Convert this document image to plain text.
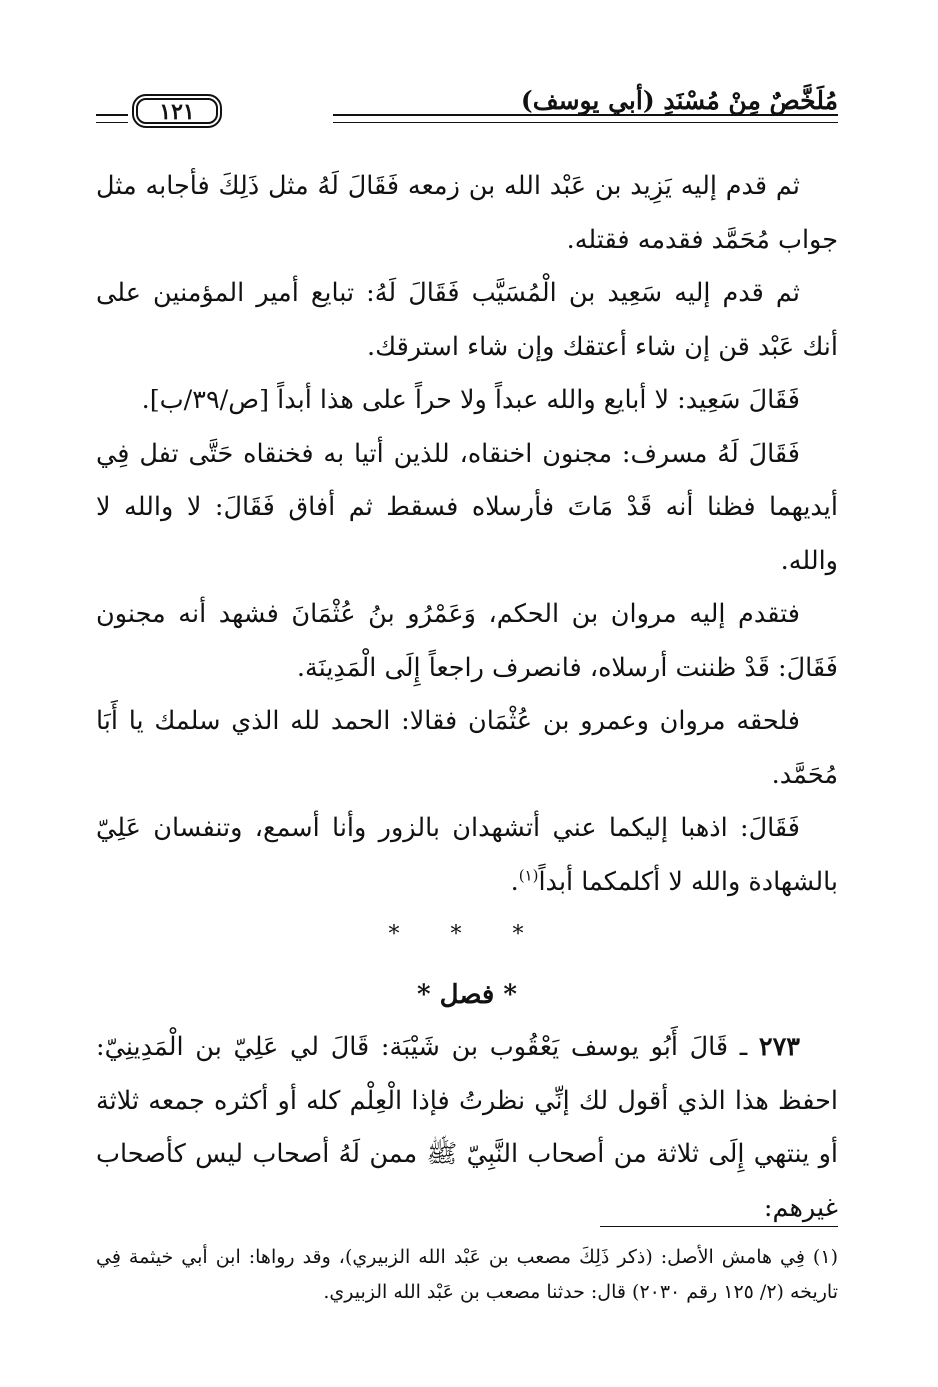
مُلَخَّصٌ مِنْ مُسْنَدِ (أبي يوسف)
١٢١

ثم قدم إليه يَزِيد بن عَبْد الله بن زمعه فَقَالَ لَهُ مثل ذَلِكَ فأجابه مثل جواب مُحَمَّد فقدمه فقتله.

ثم قدم إليه سَعِيد بن الْمُسَيَّب فَقَالَ لَهُ: تبايع أمير المؤمنين على أنك عَبْد قن إن شاء أعتقك وإن شاء استرقك.

فَقَالَ سَعِيد: لا أبايع والله عبداً ولا حراً على هذا أبداً [ص/٣٩/ب].

فَقَالَ لَهُ مسرف: مجنون اخنقاه، للذين أتيا به فخنقاه حَتَّى تفل فِي أيديهما فظنا أنه قَدْ مَاتَ فأرسلاه فسقط ثم أفاق فَقَالَ: لا والله لا والله.

فتقدم إليه مروان بن الحكم، وَعَمْرُو بنُ عُثْمَانَ فشهد أنه مجنون فَقَالَ: قَدْ ظننت أرسلاه، فانصرف راجعاً إِلَى الْمَدِينَة.

فلحقه مروان وعمرو بن عُثْمَان فقالا: الحمد لله الذي سلمك يا أَبَا مُحَمَّد.

فَقَالَ: اذهبا إليكما عني أتشهدان بالزور وأنا أسمع، وتنفسان عَلِيّ بالشهادة والله لا أكلمكما أبداً$^{(١)}$.

* * *
* فصل *

٢٧٣ ـ قَالَ أَبُو يوسف يَعْقُوب بن شَيْبَة: قَالَ لي عَلِيّ بن الْمَدِينِيّ: احفظ هذا الذي أقول لك إنِّي نظرتُ فإذا الْعِلْم كله أو أكثره جمعه ثلاثة أو ينتهي إِلَى ثلاثة من أصحاب النَّبِيّ ﷺ ممن لَهُ أصحاب ليس كأصحاب غيرهم:

(١) فِي هامش الأصل: (ذكر ذَلِكَ مصعب بن عَبْد الله الزبيري)، وقد رواها: ابن أبي خيثمة فِي تاريخه (٢/ ١٢٥ رقم ٢٠٣٠) قال: حدثنا مصعب بن عَبْد الله الزبيري.
